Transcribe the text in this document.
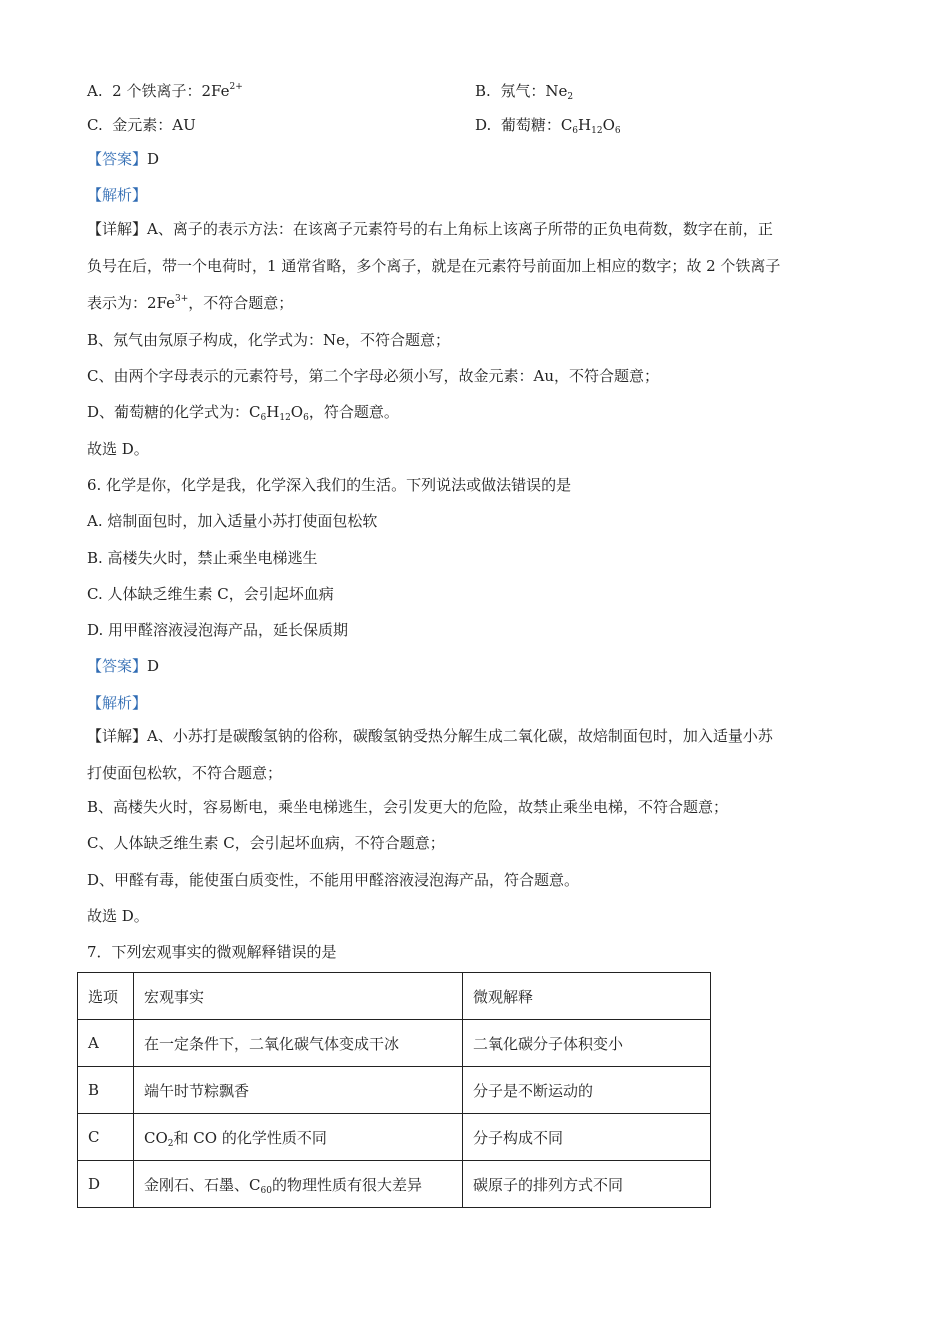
A. 2 个铁离子：$2Fe^{2+}$	B. 氖气：$Ne_2$
C. 金元素：AU	D. 葡萄糖：$C_6H_{12}O_6$
【答案】D
【解析】
【详解】A、离子的表示方法：在该离子元素符号的右上角标上该离子所带的正负电荷数，数字在前，正
负号在后，带一个电荷时，1 通常省略，多个离子，就是在元素符号前面加上相应的数字；故 2 个铁离子
表示为：$2Fe^{3+}$，不符合题意；
B、氖气由氖原子构成，化学式为：Ne，不符合题意；
C、由两个字母表示的元素符号，第二个字母必须小写，故金元素：Au，不符合题意；
D、葡萄糖的化学式为：$C_6H_{12}O_6$，符合题意。
故选 D。
6. 化学是你，化学是我，化学深入我们的生活。下列说法或做法错误的是
A. 焙制面包时，加入适量小苏打使面包松软
B. 高楼失火时，禁止乘坐电梯逃生
C. 人体缺乏维生素 C，会引起坏血病
D. 用甲醛溶液浸泡海产品，延长保质期
【答案】D
【解析】
【详解】A、小苏打是碳酸氢钠的俗称，碳酸氢钠受热分解生成二氧化碳，故焙制面包时，加入适量小苏
打使面包松软，不符合题意；
B、高楼失火时，容易断电，乘坐电梯逃生，会引发更大的危险，故禁止乘坐电梯，不符合题意；
C、人体缺乏维生素 C，会引起坏血病，不符合题意；
D、甲醛有毒，能使蛋白质变性，不能用甲醛溶液浸泡海产品，符合题意。
故选 D。
7．下列宏观事实的微观解释错误的是
选项	宏观事实	微观解释
A	在一定条件下，二氧化碳气体变成干冰	二氧化碳分子体积变小
B	端午时节粽飘香	分子是不断运动的
C	$CO_2$和 CO 的化学性质不同	分子构成不同
D	金刚石、石墨、$C_{60}$的物理性质有很大差异	碳原子的排列方式不同
